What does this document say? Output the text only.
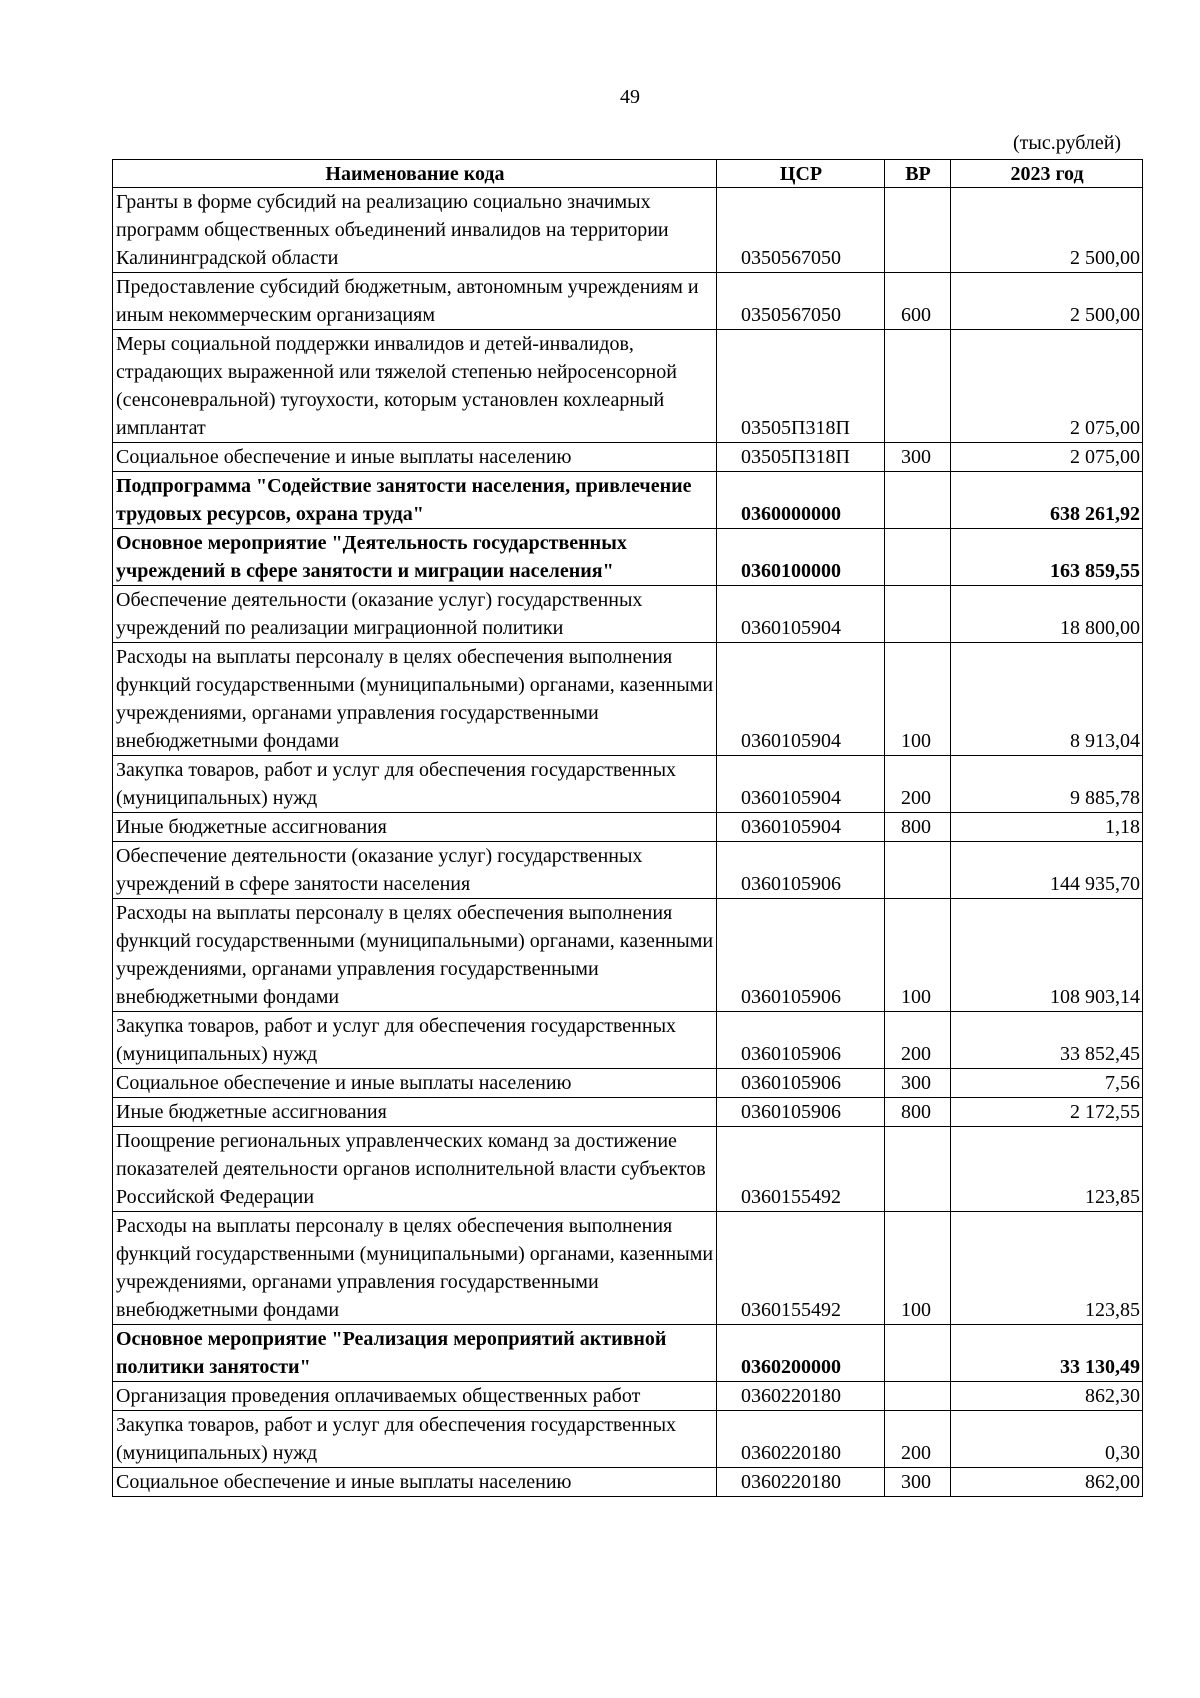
49
(тыс.рублей)
Наименование кода	ЦСР	ВР	2023 год
Гранты в форме субсидий на реализацию социально значимых программ общественных объединений инвалидов на территории Калининградской области	0350567050		2 500,00
Предоставление субсидий бюджетным, автономным учреждениям и иным некоммерческим организациям	0350567050	600	2 500,00
Меры социальной поддержки инвалидов и детей-инвалидов, страдающих выраженной или тяжелой степенью нейросенсорной (сенсоневральной) тугоухости, которым установлен кохлеарный имплантат	03505П318П		2 075,00
Социальное обеспечение и иные выплаты населению	03505П318П	300	2 075,00
Подпрограмма "Содействие занятости населения, привлечение трудовых ресурсов, охрана труда"	0360000000		638 261,92
Основное мероприятие "Деятельность государственных учреждений в сфере занятости и миграции населения"	0360100000		163 859,55
Обеспечение деятельности (оказание услуг) государственных учреждений по реализации миграционной политики	0360105904		18 800,00
Расходы на выплаты персоналу в целях обеспечения выполнения функций государственными (муниципальными) органами, казенными учреждениями, органами управления государственными внебюджетными фондами	0360105904	100	8 913,04
Закупка товаров, работ и услуг для обеспечения государственных (муниципальных) нужд	0360105904	200	9 885,78
Иные бюджетные ассигнования	0360105904	800	1,18
Обеспечение деятельности (оказание услуг) государственных учреждений в сфере занятости населения	0360105906		144 935,70
Расходы на выплаты персоналу в целях обеспечения выполнения функций государственными (муниципальными) органами, казенными учреждениями, органами управления государственными внебюджетными фондами	0360105906	100	108 903,14
Закупка товаров, работ и услуг для обеспечения государственных (муниципальных) нужд	0360105906	200	33 852,45
Социальное обеспечение и иные выплаты населению	0360105906	300	7,56
Иные бюджетные ассигнования	0360105906	800	2 172,55
Поощрение региональных управленческих команд за достижение показателей деятельности органов исполнительной власти субъектов Российской Федерации	0360155492		123,85
Расходы на выплаты персоналу в целях обеспечения выполнения функций государственными (муниципальными) органами, казенными учреждениями, органами управления государственными внебюджетными фондами	0360155492	100	123,85
Основное мероприятие "Реализация мероприятий активной политики занятости"	0360200000		33 130,49
Организация проведения оплачиваемых общественных работ	0360220180		862,30
Закупка товаров, работ и услуг для обеспечения государственных (муниципальных) нужд	0360220180	200	0,30
Социальное обеспечение и иные выплаты населению	0360220180	300	862,00
